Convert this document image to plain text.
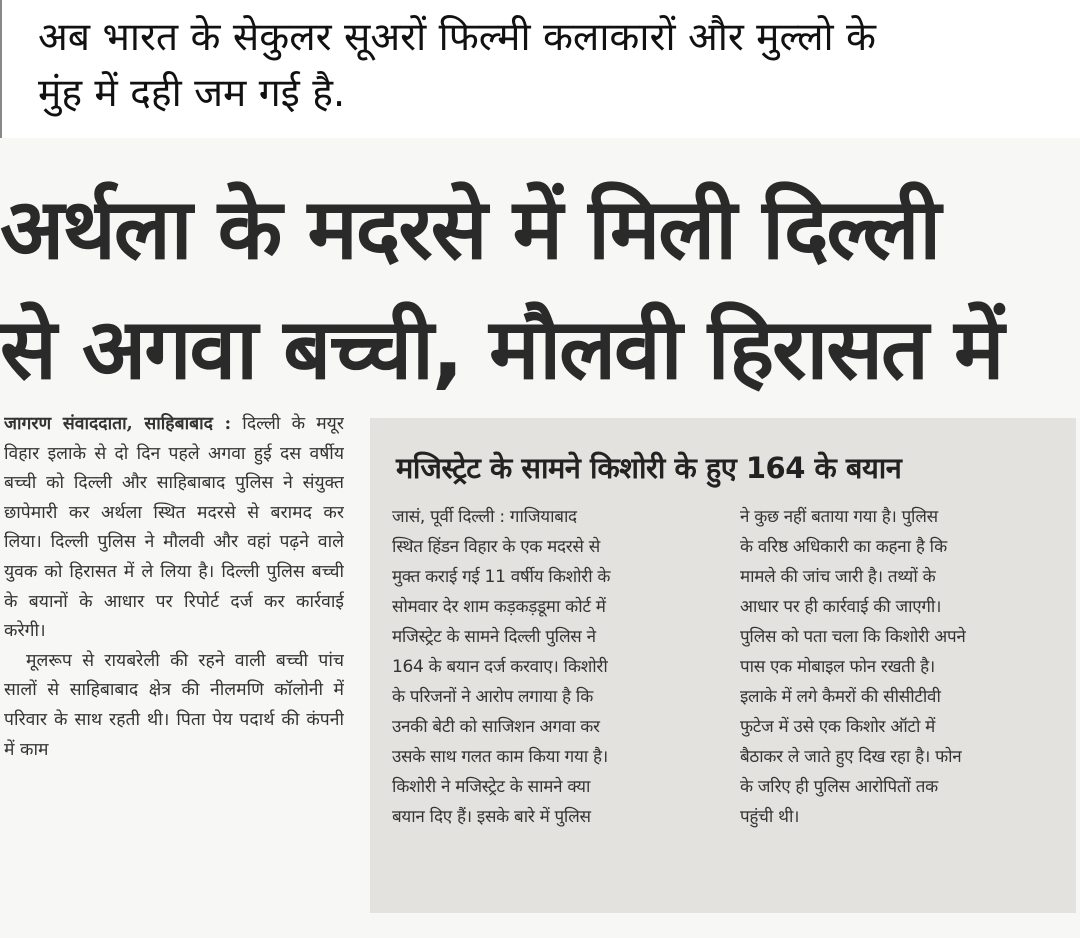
अब भारत के सेकुलर सूअरों फिल्मी कलाकारों और मुल्लो के
मुंह में दही जम गई है.
अर्थला के मदरसे में मिली दिल्ली
से अगवा बच्ची, मौलवी हिरासत में

जागरण संवाददाता, साहिबाबाद : दिल्ली के मयूर विहार इलाके से दो दिन पहले अगवा हुई दस वर्षीय बच्ची को दिल्ली और साहिबाबाद पुलिस ने संयुक्त छापेमारी कर अर्थला स्थित मदरसे से बरामद कर लिया। दिल्ली पुलिस ने मौलवी और वहां पढ़ने वाले युवक को हिरासत में ले लिया है। दिल्ली पुलिस बच्ची के बयानों के आधार पर रिपोर्ट दर्ज कर कार्रवाई करेगी।

मूलरूप से रायबरेली की रहने वाली बच्ची पांच सालों से साहिबाबाद क्षेत्र की नीलमणि कॉलोनी में परिवार के साथ रहती थी। पिता पेय पदार्थ की कंपनी में काम

मजिस्ट्रेट के सामने किशोरी के हुए 164 के बयान

जासं, पूर्वी दिल्ली : गाजियाबाद

स्थित हिंडन विहार के एक मदरसे से

मुक्त कराई गई 11 वर्षीय किशोरी के

सोमवार देर शाम कड़कड़डूमा कोर्ट में

मजिस्ट्रेट के सामने दिल्ली पुलिस ने

164 के बयान दर्ज करवाए। किशोरी

के परिजनों ने आरोप लगाया है कि

उनकी बेटी को साजिशन अगवा कर

उसके साथ गलत काम किया गया है।

किशोरी ने मजिस्ट्रेट के सामने क्या

बयान दिए हैं। इसके बारे में पुलिस

ने कुछ नहीं बताया गया है। पुलिस

के वरिष्ठ अधिकारी का कहना है कि

मामले की जांच जारी है। तथ्यों के

आधार पर ही कार्रवाई की जाएगी।

पुलिस को पता चला कि किशोरी अपने

पास एक मोबाइल फोन रखती है।

इलाके में लगे कैमरों की सीसीटीवी

फुटेज में उसे एक किशोर ऑटो में

बैठाकर ले जाते हुए दिख रहा है। फोन

के जरिए ही पुलिस आरोपितों तक

पहुंची थी।
